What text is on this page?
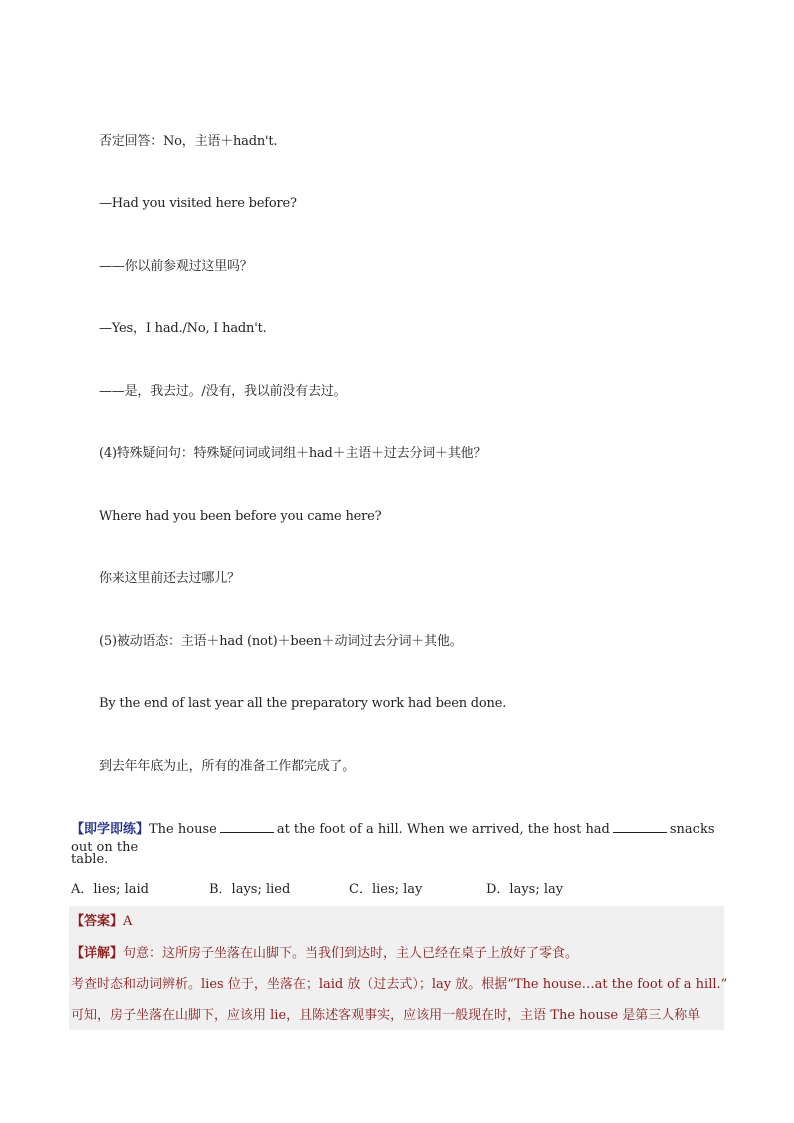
否定回答：No，主语＋hadn't.
—Had you visited here before?
——你以前参观过这里吗？
—Yes，I had./No, I hadn't.
——是，我去过。/没有，我以前没有去过。
(4)特殊疑问句：特殊疑问词或词组＋had＋主语＋过去分词＋其他？
Where had you been before you came here?
你来这里前还去过哪儿？
(5)被动语态：主语＋had (not)＋been＋动词过去分词＋其他。
By the end of last year all the preparatory work had been done.
到去年年底为止，所有的准备工作都完成了。
【即学即练】The house	at the foot of a hill. When we arrived, the host had	snacks out on the
table.
A．lies; laid	B．lays; lied	C．lies; lay	D．lays; lay
【答案】A
【详解】句意：这所房子坐落在山脚下。当我们到达时，主人已经在桌子上放好了零食。
考查时态和动词辨析。lies 位于，坐落在；laid 放（过去式）；lay 放。根据“The house…at the foot of a hill.”
可知，房子坐落在山脚下，应该用 lie，且陈述客观事实，应该用一般现在时，主语 The house 是第三人称单
